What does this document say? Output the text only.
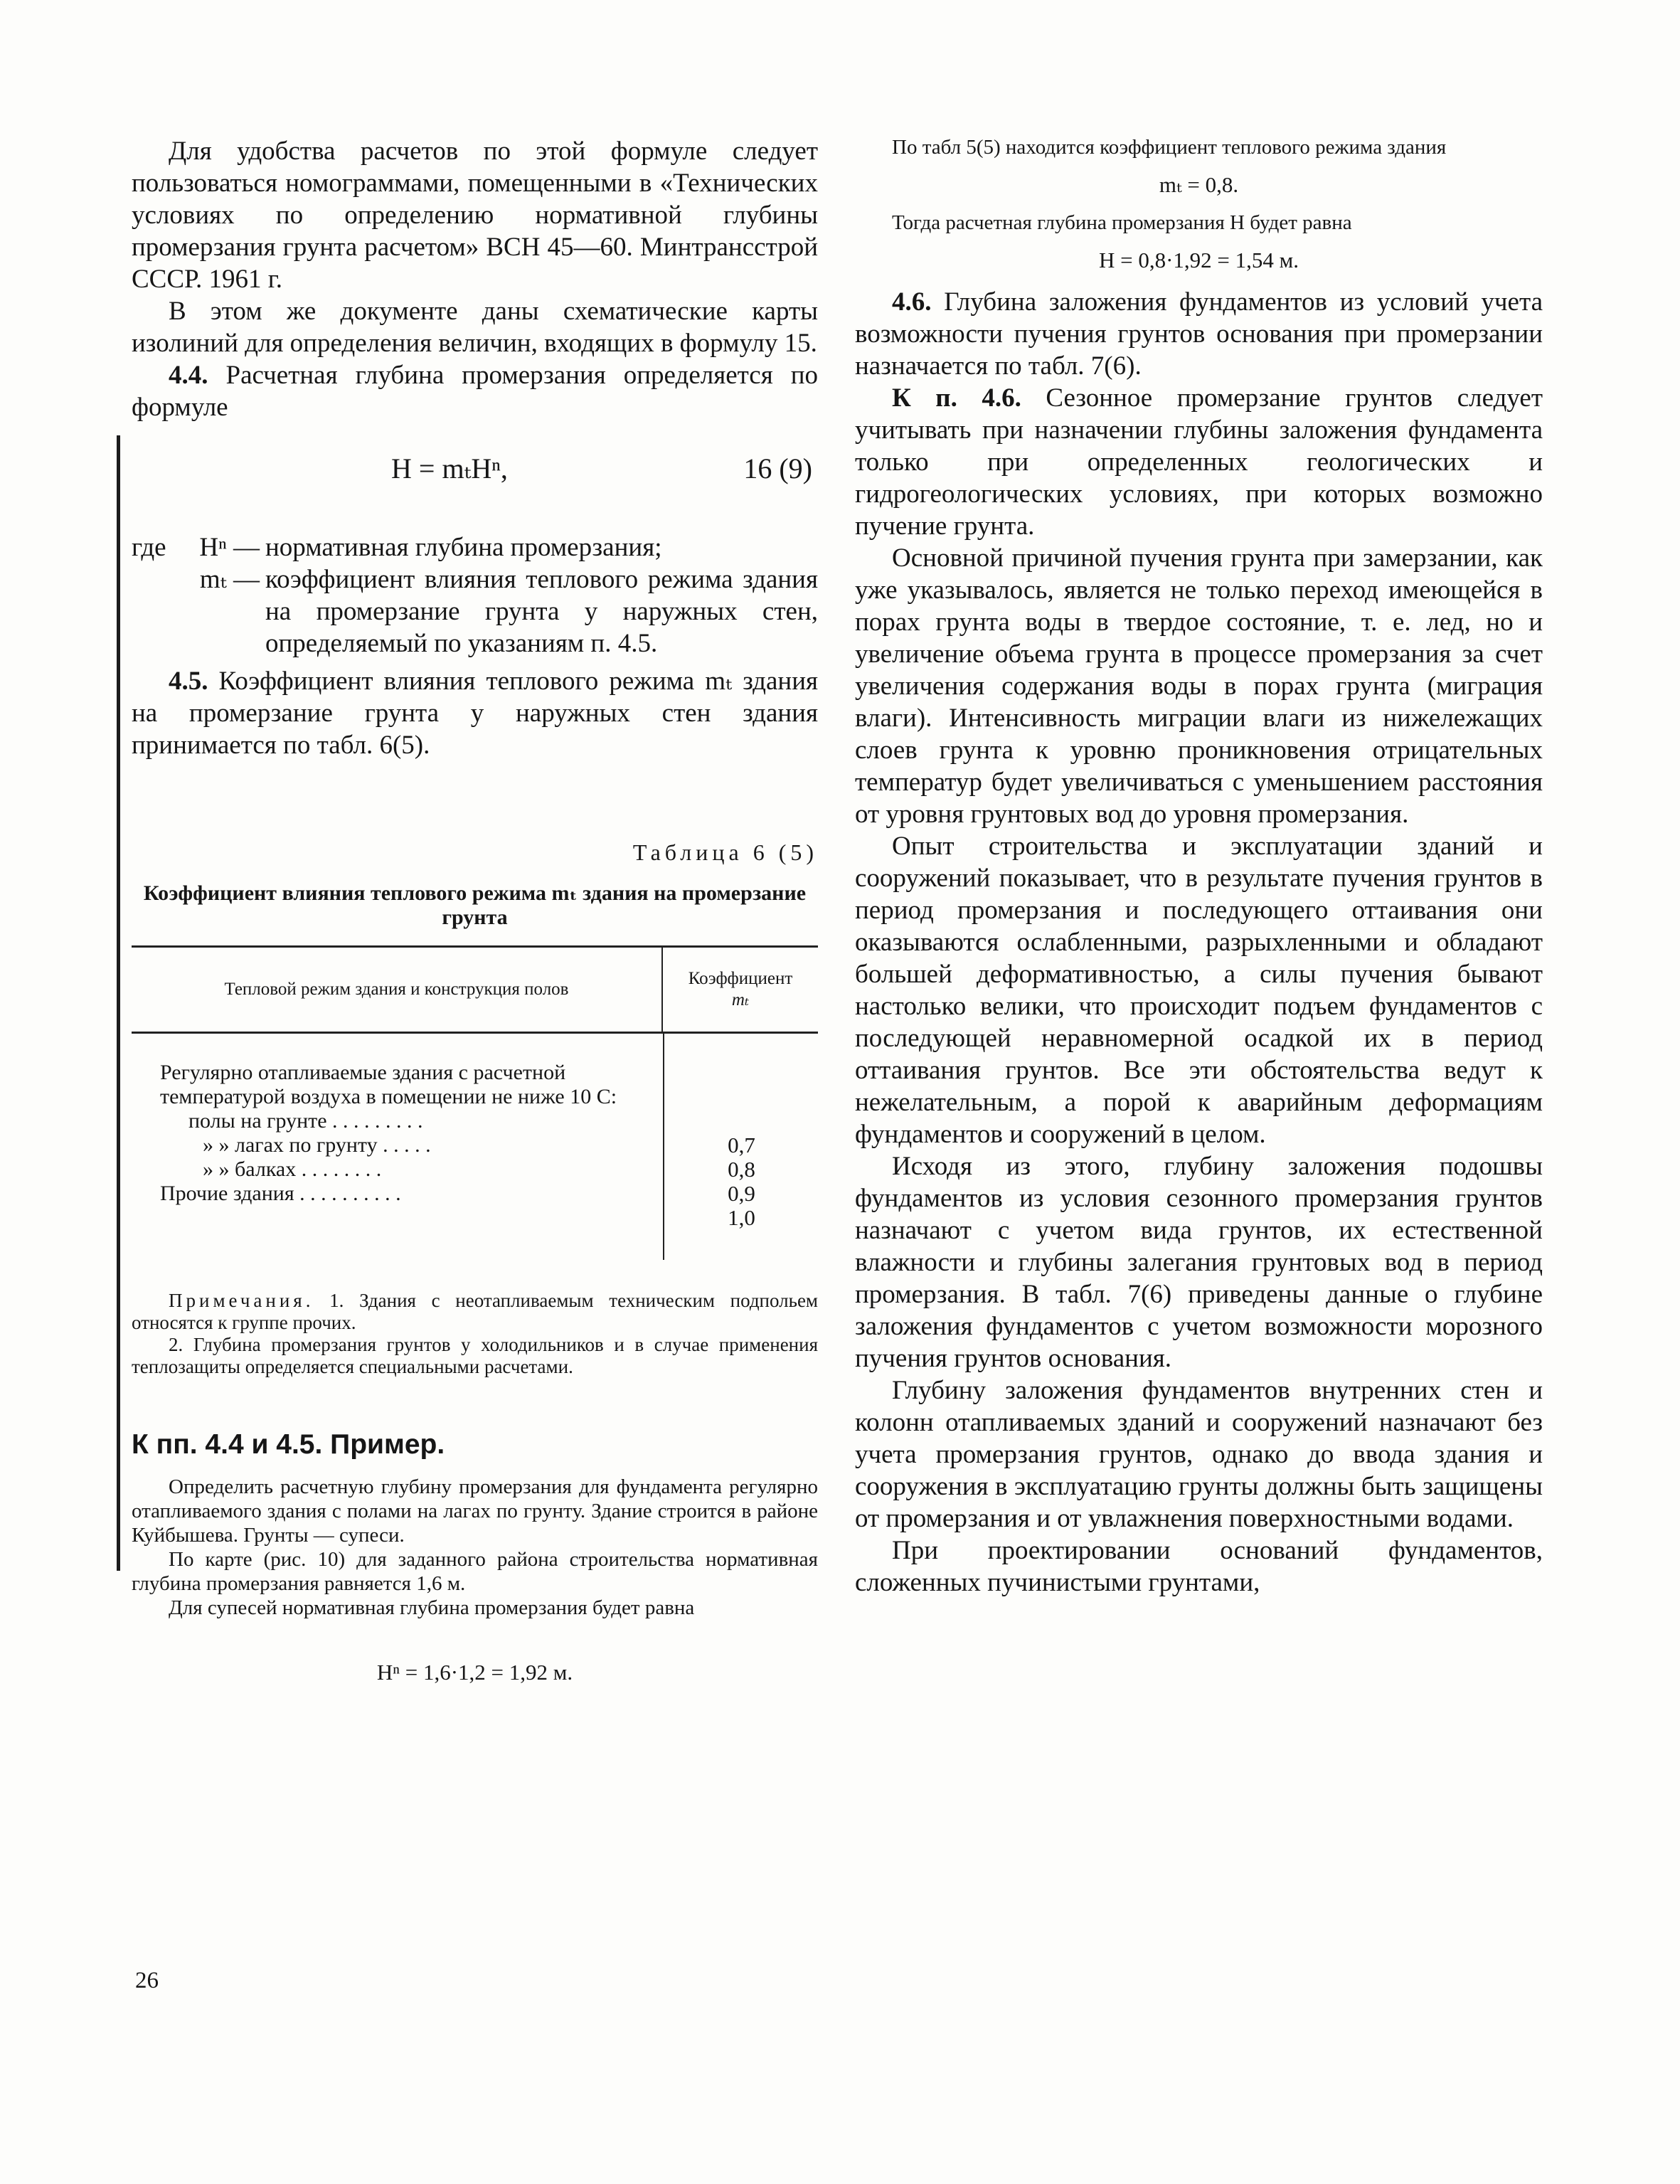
Для удобства расчетов по этой формуле следует пользоваться номограммами, помещенными в «Технических условиях по определению нормативной глубины промерзания грунта расчетом» ВСН 45—60. Минтрансстрой СССР. 1961 г.

В этом же документе даны схематические карты изолиний для определения величин, входящих в формулу 15.

4.4. Расчетная глубина промерзания определяется по формуле

H = mₜHⁿ,	16 (9)
где	Hⁿ — нормативная глубина промерзания;
mₜ — коэффициент влияния теплового режима здания на промерзание грунта у наружных стен, определяемый по указаниям п. 4.5.

4.5. Коэффициент влияния теплового режима mₜ здания на промерзание грунта у наружных стен здания принимается по табл. 6(5).

Таблица 6 (5)
Коэффициент влияния теплового режима mₜ здания на промерзание грунта
Тепловой режим здания и конструкция полов
Коэффициент
mₜ
Регулярно отапливаемые здания с расчетной температурой воздуха в помещении не ниже 10 С:
полы на грунте . . . . . . . . .
» » лагах по грунту . . . . .
» » балках . . . . . . . .
Прочие здания . . . . . . . . . .
0,7
0,8
0,9
1,0

Примечания. 1. Здания с неотапливаемым техническим подпольем относятся к группе прочих.

2. Глубина промерзания грунтов у холодильников и в случае применения теплозащиты определяется специальными расчетами.

К пп. 4.4 и 4.5. Пример.

Определить расчетную глубину промерзания для фундамента регулярно отапливаемого здания с полами на лагах по грунту. Здание строится в районе Куйбышева. Грунты — супеси.

По карте (рис. 10) для заданного района строительства нормативная глубина промерзания равняется 1,6 м.

Для супесей нормативная глубина промерзания будет равна

Hⁿ = 1,6·1,2 = 1,92 м.

По табл 5(5) находится коэффициент теплового режима здания

mₜ = 0,8.

Тогда расчетная глубина промерзания H будет равна

H = 0,8·1,92 = 1,54 м.

4.6. Глубина заложения фундаментов из условий учета возможности пучения грунтов основания при промерзании назначается по табл. 7(6).

К п. 4.6. Сезонное промерзание грунтов следует учитывать при назначении глубины заложения фундамента только при определенных геологических и гидрогеологических условиях, при которых возможно пучение грунта.

Основной причиной пучения грунта при замерзании, как уже указывалось, является не только переход имеющейся в порах грунта воды в твердое состояние, т. е. лед, но и увеличение объема грунта в процессе промерзания за счет увеличения содержания воды в порах грунта (миграция влаги). Интенсивность миграции влаги из нижележащих слоев грунта к уровню проникновения отрицательных температур будет увеличиваться с уменьшением расстояния от уровня грунтовых вод до уровня промерзания.

Опыт строительства и эксплуатации зданий и сооружений показывает, что в результате пучения грунтов в период промерзания и последующего оттаивания они оказываются ослабленными, разрыхленными и обладают большей деформативностью, а силы пучения бывают настолько велики, что происходит подъем фундаментов с последующей неравномерной осадкой их в период оттаивания грунтов. Все эти обстоятельства ведут к нежелательным, а порой к аварийным деформациям фундаментов и сооружений в целом.

Исходя из этого, глубину заложения подошвы фундаментов из условия сезонного промерзания грунтов назначают с учетом вида грунтов, их естественной влажности и глубины залегания грунтовых вод в период промерзания. В табл. 7(6) приведены данные о глубине заложения фундаментов с учетом возможности морозного пучения грунтов основания.

Глубину заложения фундаментов внутренних стен и колонн отапливаемых зданий и сооружений назначают без учета промерзания грунтов, однако до ввода здания и сооружения в эксплуатацию грунты должны быть защищены от промерзания и от увлажнения поверхностными водами.

При проектировании оснований фундаментов, сложенных пучинистыми грунтами,

26
